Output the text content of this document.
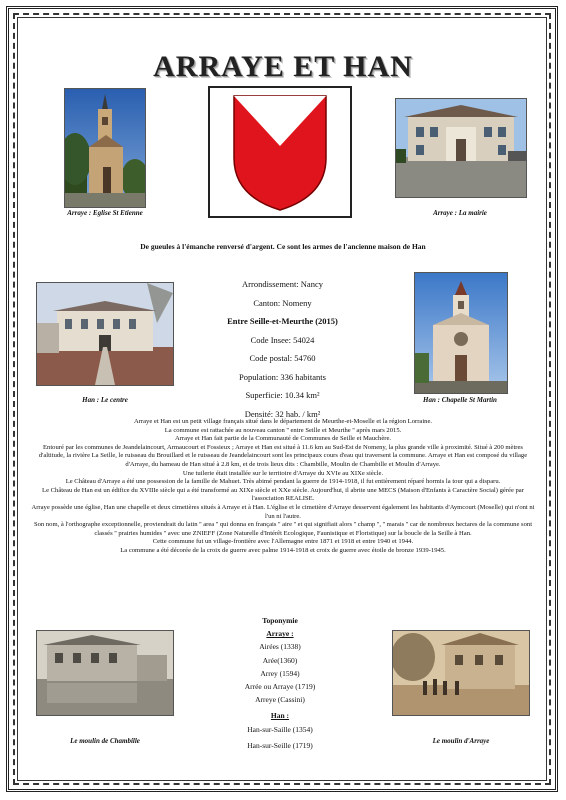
ARRAYE ET HAN
Arraye : Eglise St Etienne	Arraye : La mairie
De gueules à l'émanche renversé d'argent. Ce sont les armes de l'ancienne maison de Han
Han : Le centre
Arrondissement: Nancy
Canton: Nomeny
Entre Seille-et-Meurthe (2015)
Code Insee: 54024
Code postal: 54760
Population: 336 habitants
Superficie: 10.34 km²
Densité: 32 hab. / km²
Han : Chapelle St Martin
Arraye et Han est un petit village français situé dans le département de Meurthe-et-Moselle et la région Lorraine.
La commune est rattachée au nouveau canton '' entre Seille et Meurthe '' après mars 2015.
Arraye et Han fait partie de la Communauté de Communes de Seille et Mauchère.
Entouré par les communes de Jeandelaincourt, Armaucourt et Fossieux ; Arraye et Han est situé à 11.6 km au Sud-Est de Nomeny, la plus grande ville à proximité. Situé à 200 mètres d'altitude, la rivière La Seille, le ruisseau du Brouillard et le ruisseau de Jeandelaincourt sont les principaux cours d'eau qui traversent la commune. Arraye et Han est composé du village d'Arraye, du hameau de Han situé à 2.8 km, et de trois lieux dits : Chambille, Moulin de Chambille et Moulin d'Arraye.
Une tuilerie était installée sur le territoire d'Arraye du XVIe au XIXe siècle.
Le Château d'Arraye a été une possession de la famille de Mahuet. Très abimé pendant la guerre de 1914-1918, il fut entièrement réparé hormis la tour qui a disparu.
Le Château de Han est un édifice du XVIIIe siècle qui a été transformé au XIXe siècle et XXe siècle. Aujourd'hui, il abrite une MECS (Maison d'Enfants à Caractère Social) gérée par l'association REALISE.
Arraye possède une église, Han une chapelle et deux cimetières situés à Arraye et à Han. L'église et le cimetière d'Arraye desservent également les habitants d'Aymcourt (Moselle) qui n'ont ni l'un ni l'autre.
Son nom, à l'orthographe exceptionnelle, proviendrait du latin '' area '' qui donna en français '' aire '' et qui signifiait alors '' champ '', '' marais '' car de nombreux hectares de la commune sont classés '' prairies humides '' avec une ZNIEFF (Zone Naturelle d'Intérêt Ecologique, Faunistique et Floristique) sur la boucle de la Seille à Han.
Cette commune fut un village-frontière avec l'Allemagne entre 1871 et 1918 et entre 1940 et 1944.
La commune a été décorée de la croix de guerre avec palme 1914-1918 et croix de guerre avec étoile de bronze 1939-1945.
Le moulin de Chambille
Toponymie
Arraye :
Airées (1338)
Arée(1360)
Arrey (1594)
Arrée ou Arraye (1719)
Arreye (Cassini)
Han :
Han-sur-Saille (1354)
Han-sur-Seille (1719)	Le moulin d'Arraye
